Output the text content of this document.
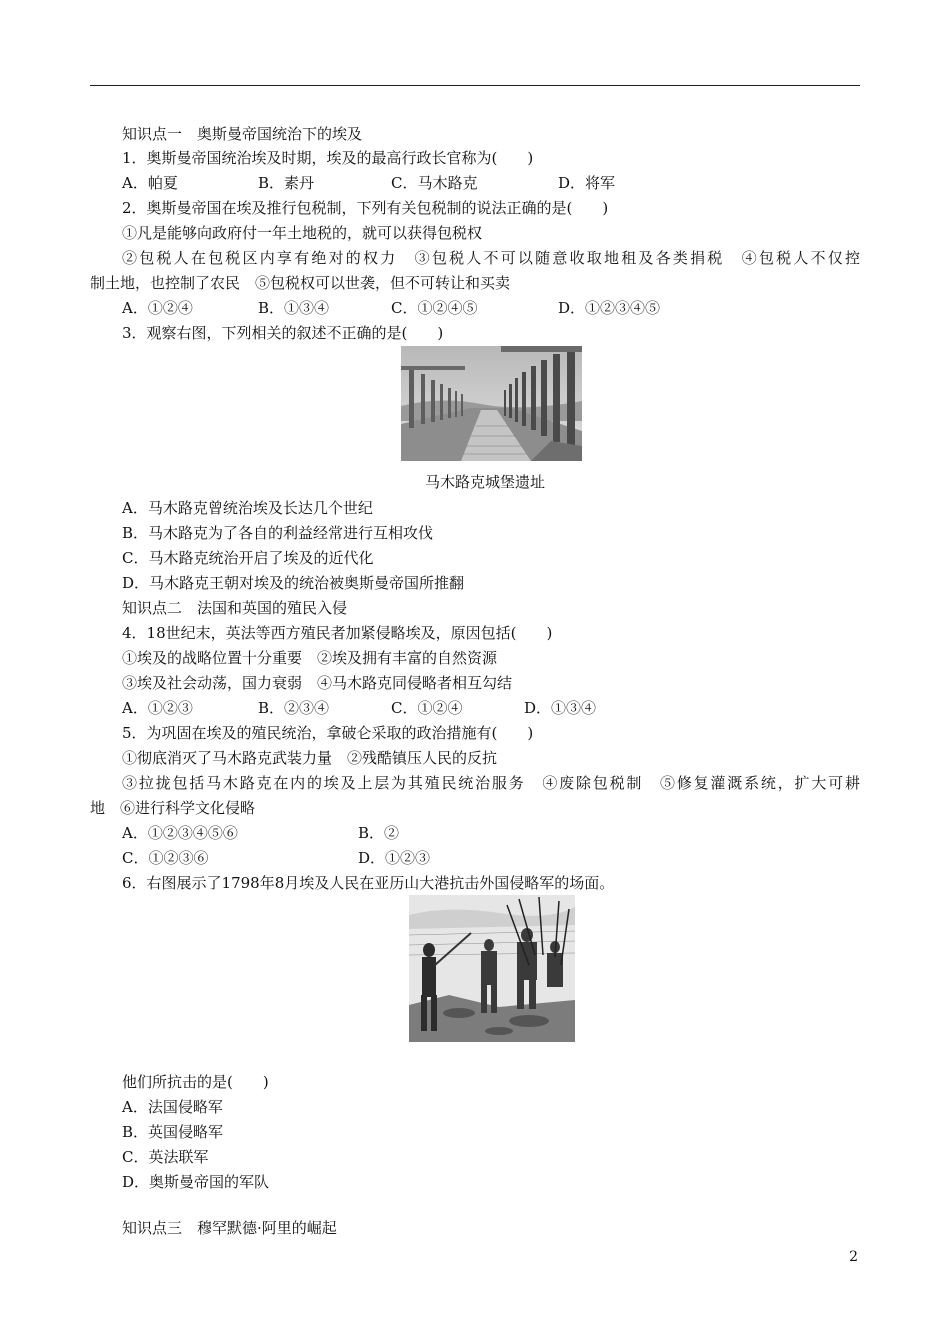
知识点一　奥斯曼帝国统治下的埃及
1．奥斯曼帝国统治埃及时期，埃及的最高行政长官称为(　　)
A．帕夏	B．素丹	C．马木路克	D．将军
2．奥斯曼帝国在埃及推行包税制，下列有关包税制的说法正确的是(　　)
①凡是能够向政府付一年土地税的，就可以获得包税权
②包税人在包税区内享有绝对的权力　③包税人不可以随意收取地租及各类捐税　④包税人不仅控
制土地，也控制了农民　⑤包税权可以世袭，但不可转让和买卖
A．①②④	B．①③④	C．①②④⑤	D．①②③④⑤
3．观察右图，下列相关的叙述不正确的是(　　)
马木路克城堡遗址
A．马木路克曾统治埃及长达几个世纪
B．马木路克为了各自的利益经常进行互相攻伐
C．马木路克统治开启了埃及的近代化
D．马木路克王朝对埃及的统治被奥斯曼帝国所推翻
知识点二　法国和英国的殖民入侵
4．18世纪末，英法等西方殖民者加紧侵略埃及，原因包括(　　)
①埃及的战略位置十分重要　②埃及拥有丰富的自然资源
③埃及社会动荡，国力衰弱　④马木路克同侵略者相互勾结
A．①②③	B．②③④	C．①②④	D．①③④
5．为巩固在埃及的殖民统治，拿破仑采取的政治措施有(　　)
①彻底消灭了马木路克武装力量　②残酷镇压人民的反抗
③拉拢包括马木路克在内的埃及上层为其殖民统治服务　④废除包税制　⑤修复灌溉系统，扩大可耕
地　⑥进行科学文化侵略
A．①②③④⑤⑥	B．②
C．①②③⑥	D．①②③
6．右图展示了1798年8月埃及人民在亚历山大港抗击外国侵略军的场面。
他们所抗击的是(　　)
A．法国侵略军
B．英国侵略军
C．英法联军
D．奥斯曼帝国的军队
知识点三　穆罕默德·阿里的崛起
2
